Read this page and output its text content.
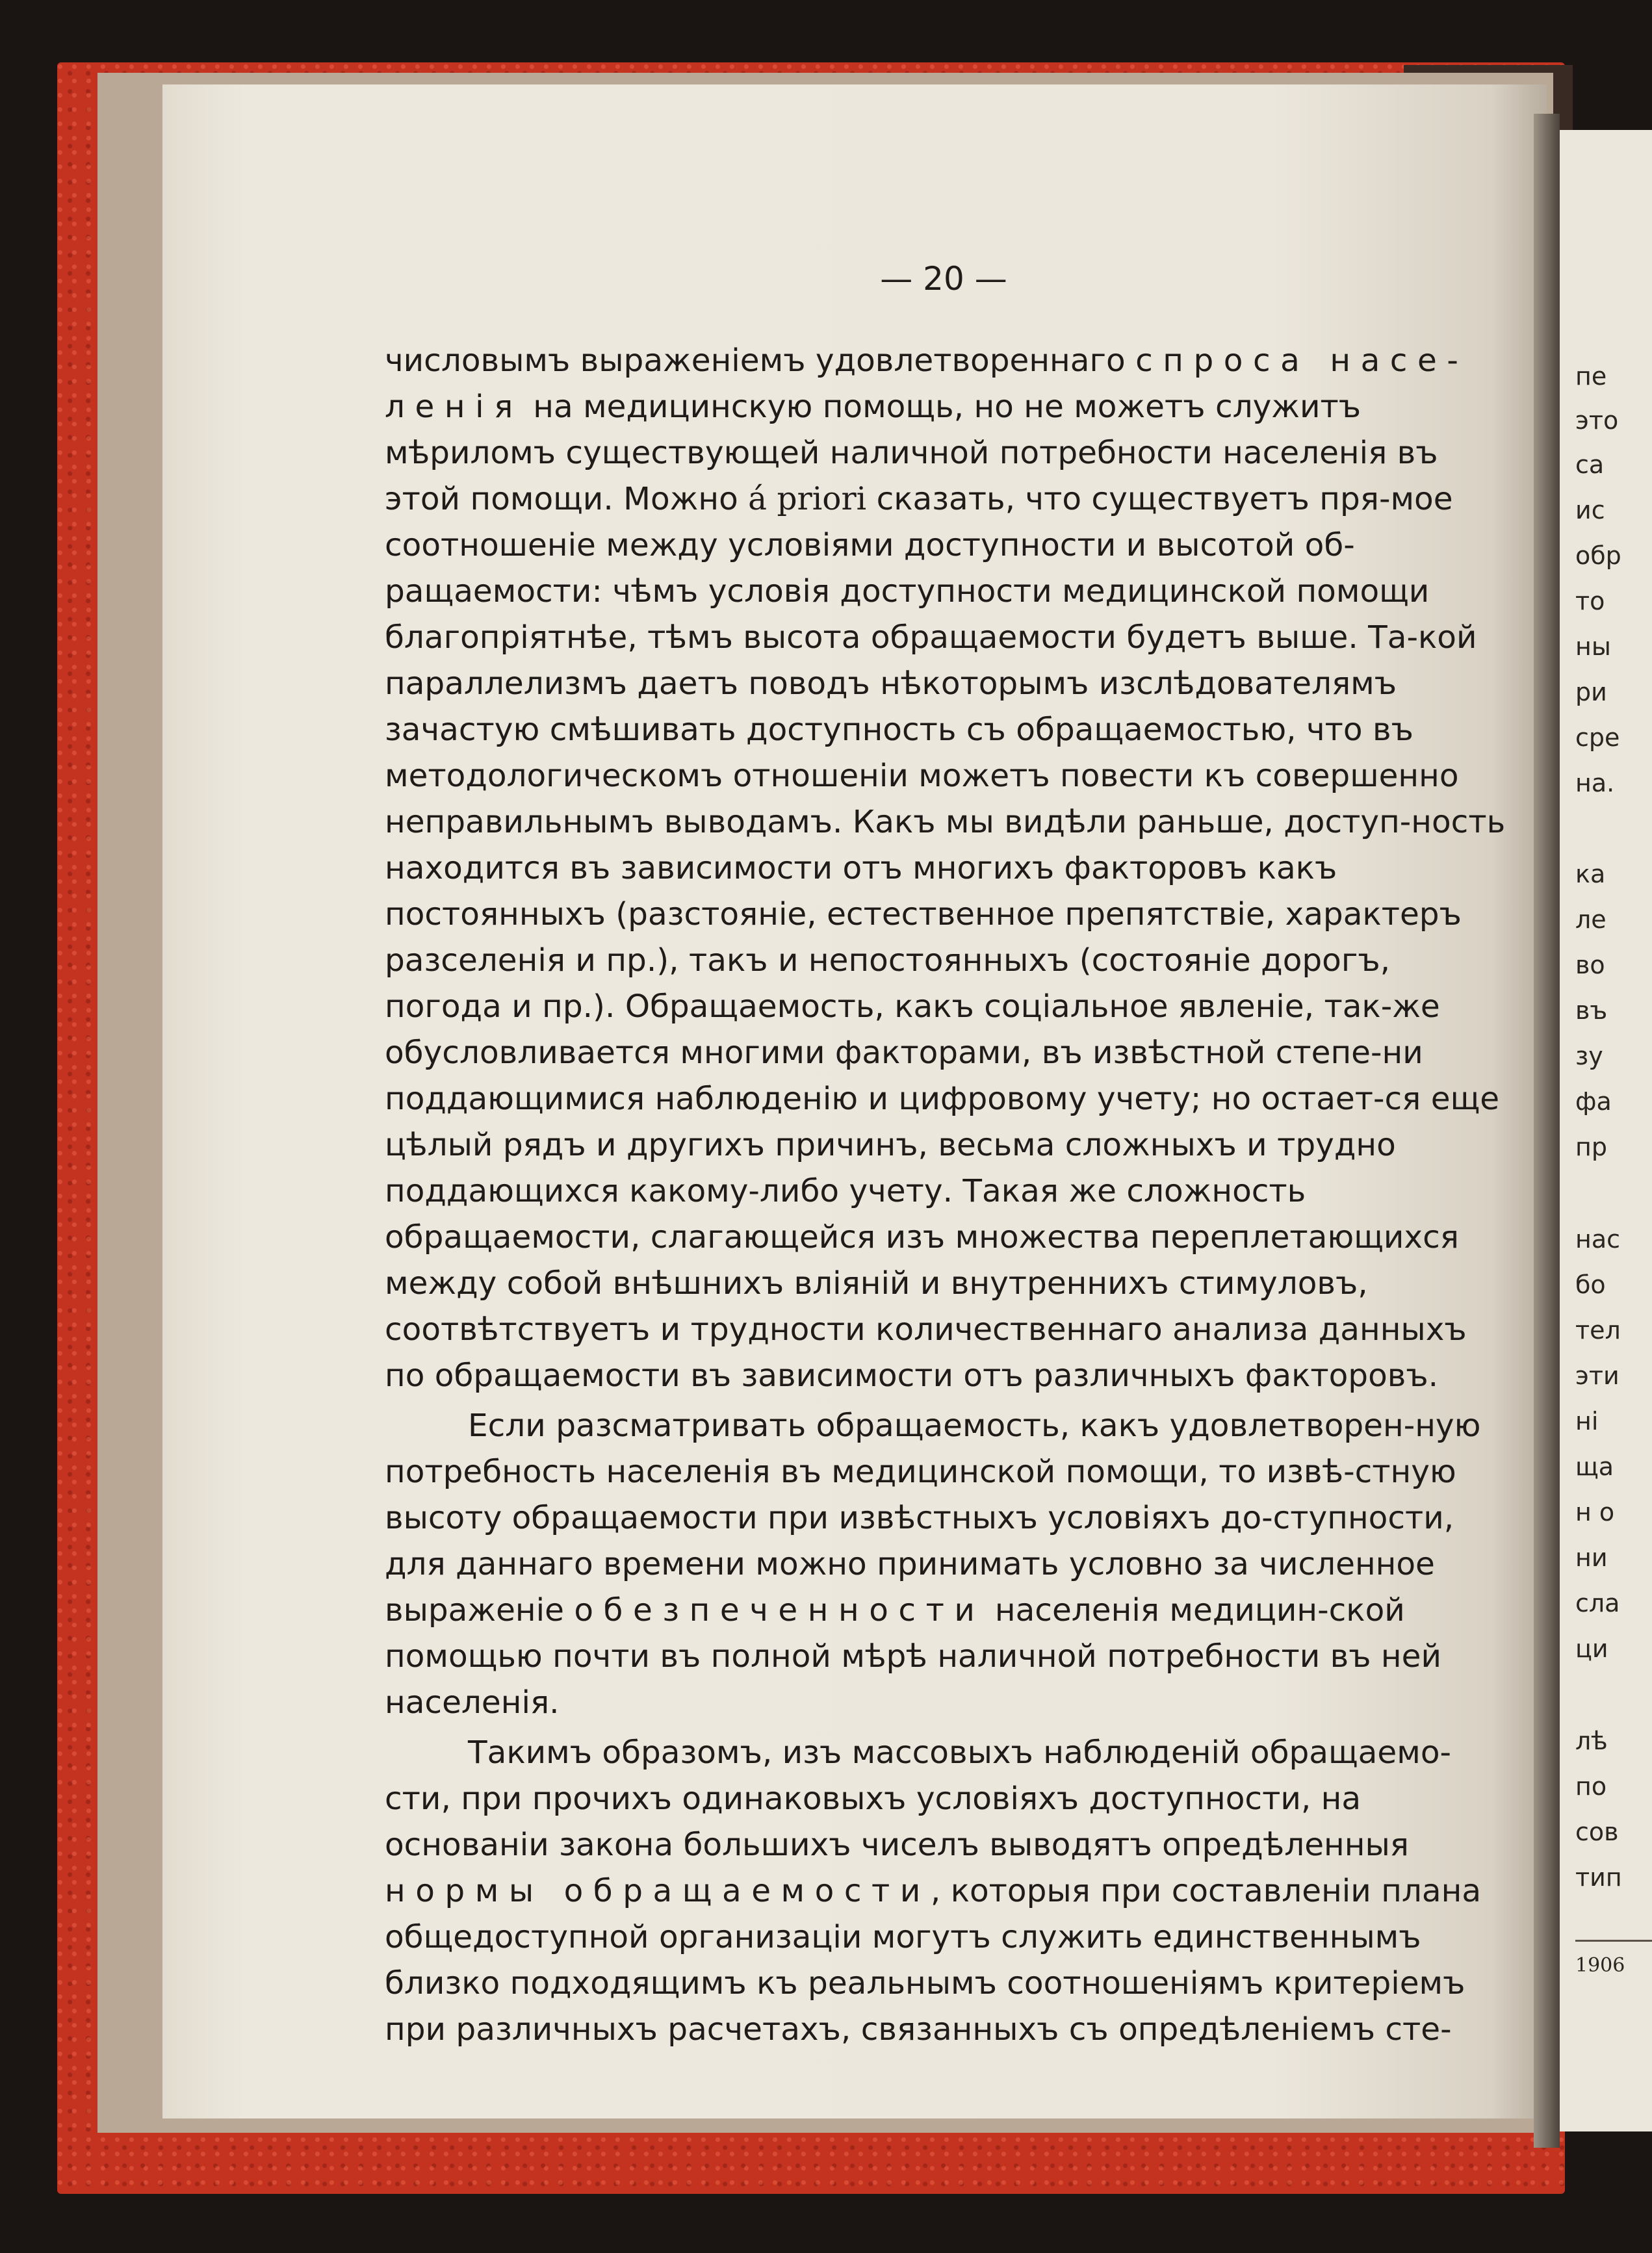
пе
это
са
ис
обр
то
ны
ри
сре
на.
ка
ле
во
въ
зу
фа
пр
нас
бо
тел
эти
ні
ща
н о
ни
сла
ци
лѣ
по
сов
тип
1906
— 20 —

числовымъ выраженіемъ удовлетвореннаго спроса насе-ленія на медицинскую помощь, но не можетъ служитъ мѣриломъ существующей наличной потребности населенія въ этой помощи. Можно á priori сказать, что существуетъ пря-мое соотношеніе между условіями доступности и высотой об-ращаемости: чѣмъ условія доступности медицинской помощи благопріятнѣе, тѣмъ высота обращаемости будетъ выше. Та-кой параллелизмъ даетъ поводъ нѣкоторымъ изслѣдователямъ зачастую смѣшивать доступность съ обращаемостью, что въ методологическомъ отношеніи можетъ повести къ совершенно неправильнымъ выводамъ. Какъ мы видѣли раньше, доступ-ность находится въ зависимости отъ многихъ факторовъ какъ постоянныхъ (разстояніе, естественное препятствіе, характеръ разселенія и пр.), такъ и непостоянныхъ (состояніе дорогъ, погода и пр.). Обращаемость, какъ соціальное явленіе, так-же обусловливается многими факторами, въ извѣстной степе-ни поддающимися наблюденію и цифровому учету; но остает-ся еще цѣлый рядъ и другихъ причинъ, весьма сложныхъ и трудно поддающихся какому-либо учету. Такая же сложность обращаемости, слагающейся изъ множества переплетающихся между собой внѣшнихъ вліяній и внутреннихъ стимуловъ, соотвѣтствуетъ и трудности количественнаго анализа данныхъ по обращаемости въ зависимости отъ различныхъ факторовъ.

Если разсматривать обращаемость, какъ удовлетворен-ную потребность населенія въ медицинской помощи, то извѣ-стную высоту обращаемости при извѣстныхъ условіяхъ до-ступности, для даннаго времени можно принимать условно за численное выраженіе обезпеченности населенія медицин-ской помощью почти въ полной мѣрѣ наличной потребности въ ней населенія.

Такимъ образомъ, изъ массовыхъ наблюденій обращаемо-сти, при прочихъ одинаковыхъ условіяхъ доступности, на основаніи закона большихъ чиселъ выводятъ опредѣленныя нормы обращаемости, которыя при составленіи плана общедоступной организаціи могутъ служить единственнымъ близко подходящимъ къ реальнымъ соотношеніямъ критеріемъ при различныхъ расчетахъ, связанныхъ съ опредѣленіемъ сте-
